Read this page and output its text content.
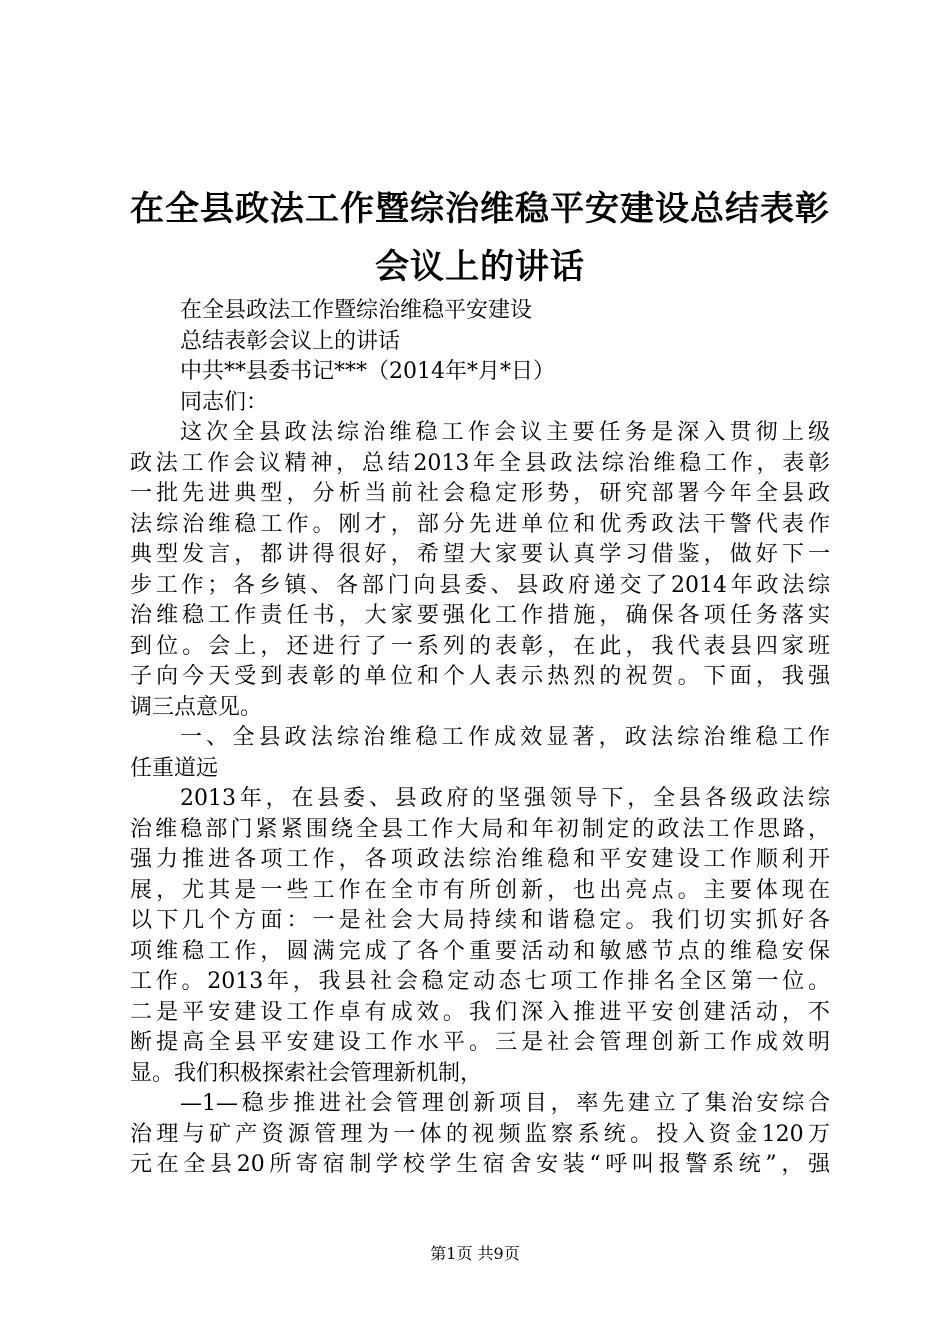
在全县政法工作暨综治维稳平安建设总结表彰
会议上的讲话
在全县政法工作暨综治维稳平安建设
总结表彰会议上的讲话
中共**县委书记***（2014年*月*日）
同志们：
这次全县政法综治维稳工作会议主要任务是深入贯彻上级
政法工作会议精神，总结2013年全县政法综治维稳工作，表彰
一批先进典型，分析当前社会稳定形势，研究部署今年全县政
法综治维稳工作。刚才，部分先进单位和优秀政法干警代表作
典型发言，都讲得很好，希望大家要认真学习借鉴，做好下一
步工作；各乡镇、各部门向县委、县政府递交了2014年政法综
治维稳工作责任书，大家要强化工作措施，确保各项任务落实
到位。会上，还进行了一系列的表彰，在此，我代表县四家班
子向今天受到表彰的单位和个人表示热烈的祝贺。下面，我强
调三点意见。
一、全县政法综治维稳工作成效显著，政法综治维稳工作
任重道远
2013年，在县委、县政府的坚强领导下，全县各级政法综
治维稳部门紧紧围绕全县工作大局和年初制定的政法工作思路，
强力推进各项工作，各项政法综治维稳和平安建设工作顺利开
展，尤其是一些工作在全市有所创新，也出亮点。主要体现在
以下几个方面：一是社会大局持续和谐稳定。我们切实抓好各
项维稳工作，圆满完成了各个重要活动和敏感节点的维稳安保
工作。2013年，我县社会稳定动态七项工作排名全区第一位。
二是平安建设工作卓有成效。我们深入推进平安创建活动，不
断提高全县平安建设工作水平。三是社会管理创新工作成效明
显。我们积极探索社会管理新机制，
—1—稳步推进社会管理创新项目，率先建立了集治安综合
治理与矿产资源管理为一体的视频监察系统。投入资金120万
元在全县20所寄宿制学校学生宿舍安装“呼叫报警系统”，强
第1页 共9页
